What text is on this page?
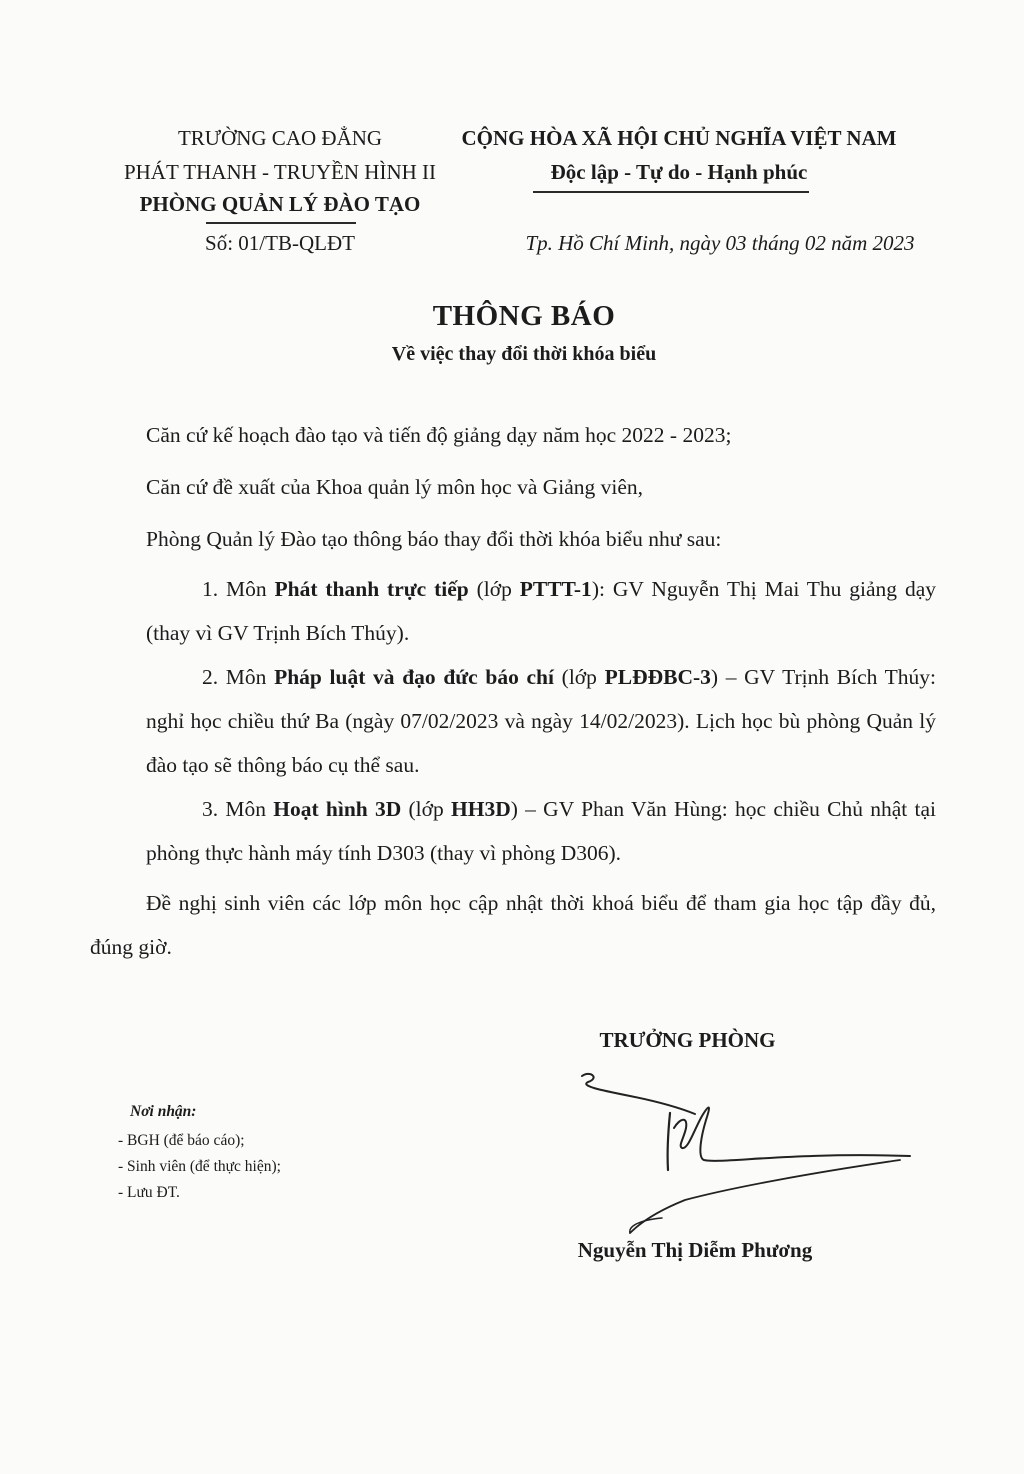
TRƯỜNG CAO ĐẲNG
PHÁT THANH - TRUYỀN HÌNH II
PHÒNG QUẢN LÝ ĐÀO TẠO
Số: 01/TB-QLĐT
CỘNG HÒA XÃ HỘI CHỦ NGHĨA VIỆT NAM
Độc lập - Tự do - Hạnh phúc
Tp. Hồ Chí Minh, ngày 03 tháng 02 năm 2023
THÔNG BÁO
Về việc thay đổi thời khóa biểu
Căn cứ kế hoạch đào tạo và tiến độ giảng dạy năm học 2022 - 2023;
Căn cứ đề xuất của Khoa quản lý môn học và Giảng viên,
Phòng Quản lý Đào tạo thông báo thay đổi thời khóa biểu như sau:
1. Môn Phát thanh trực tiếp (lớp PTTT-1): GV Nguyễn Thị Mai Thu giảng dạy (thay vì GV Trịnh Bích Thúy).
2. Môn Pháp luật và đạo đức báo chí (lớp PLĐĐBC-3) – GV Trịnh Bích Thúy: nghỉ học chiều thứ Ba (ngày 07/02/2023 và ngày 14/02/2023). Lịch học bù phòng Quản lý đào tạo sẽ thông báo cụ thể sau.
3. Môn Hoạt hình 3D (lớp HH3D) – GV Phan Văn Hùng: học chiều Chủ nhật tại phòng thực hành máy tính D303 (thay vì phòng D306).
Đề nghị sinh viên các lớp môn học cập nhật thời khoá biểu để tham gia học tập đầy đủ, đúng giờ.
TRƯỞNG PHÒNG
Nguyễn Thị Diễm Phương
Nơi nhận:
- BGH (để báo cáo);
- Sinh viên (để thực hiện);
- Lưu ĐT.
